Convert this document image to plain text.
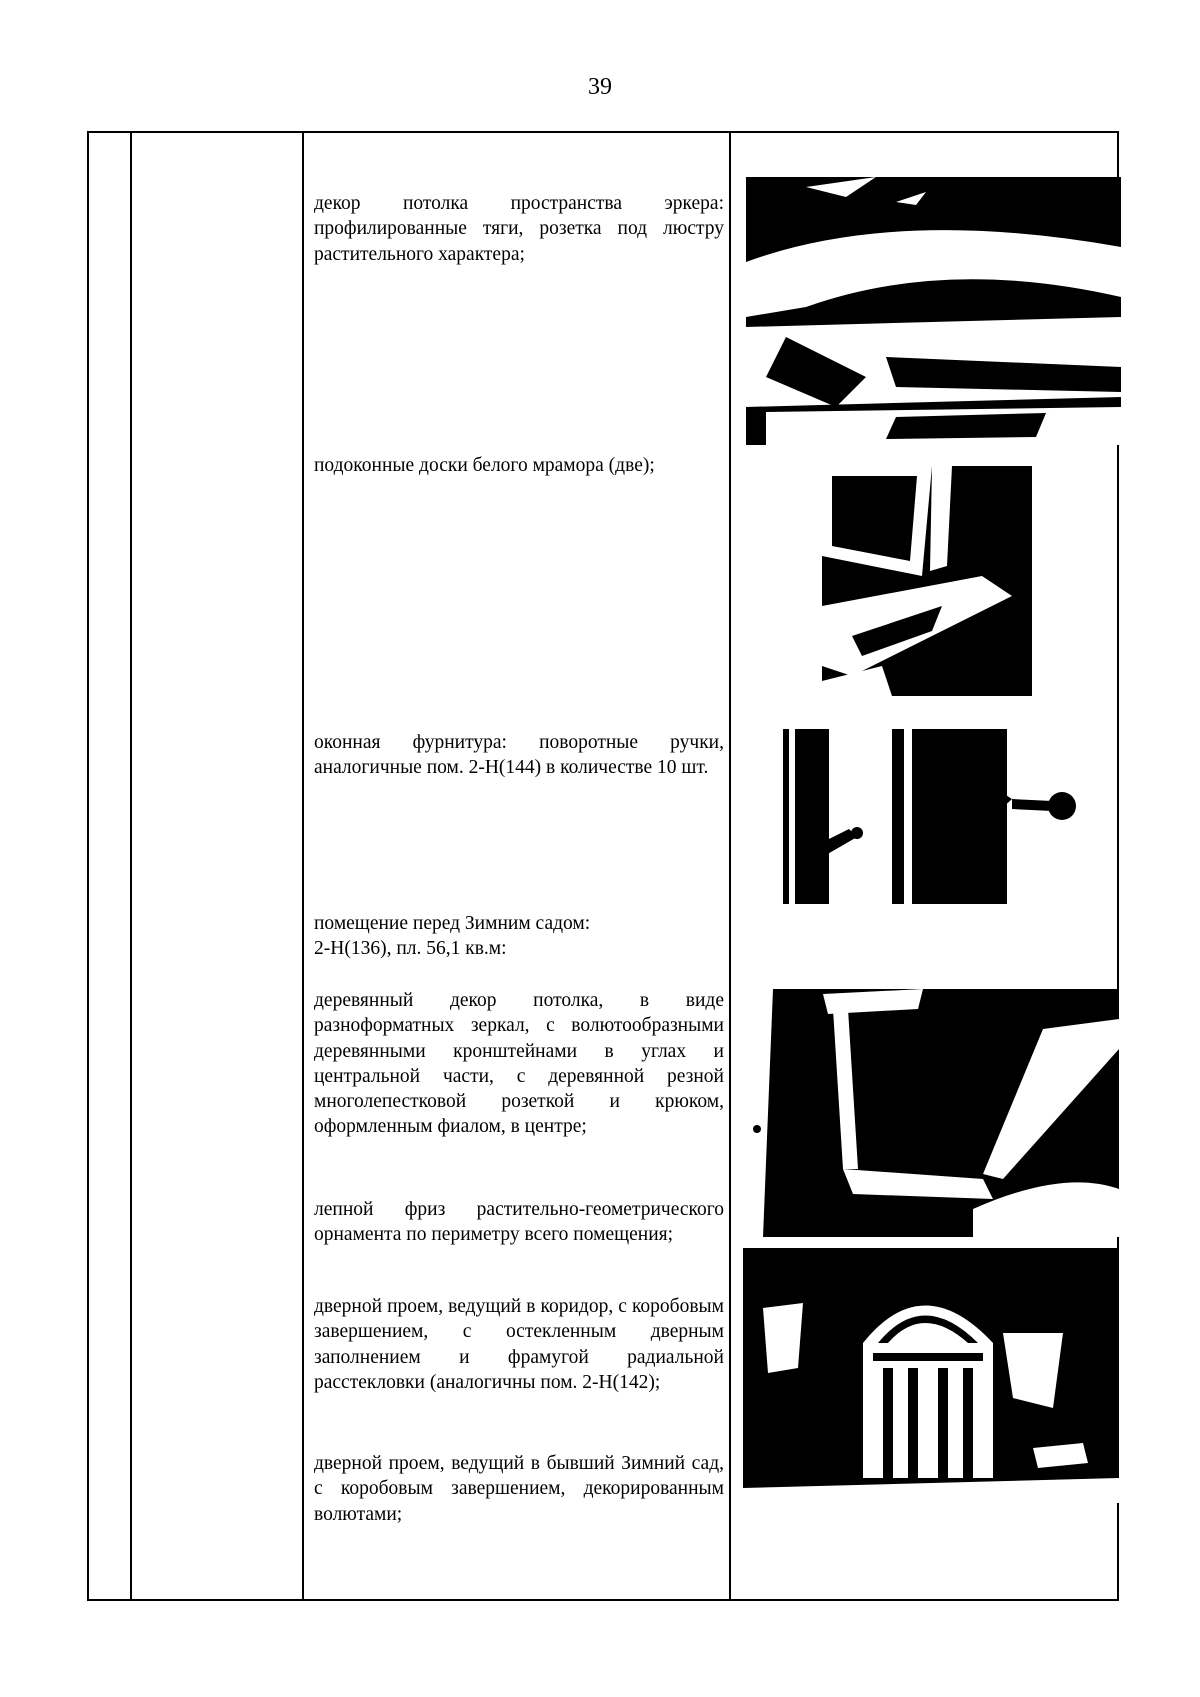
39

декор потолка пространства эркера: профилированные тяги, розетка под люстру растительного характера;

подоконные доски белого мрамора (две);

оконная фурнитура: поворотные ручки, аналогичные пом. 2-Н(144) в количестве 10 шт.

помещение перед Зимним садом:
2-Н(136), пл. 56,1 кв.м:

деревянный декор потолка, в виде разноформатных зеркал, с волютообразными деревянными кронштейнами в углах и центральной части, с деревянной резной многолепестковой розеткой и крюком, оформленным фиалом, в центре;

лепной фриз растительно-геометрического орнамента по периметру всего помещения;

дверной проем, ведущий в коридор, с коробовым завершением, с остекленным дверным заполнением и фрамугой радиальной расстекловки (аналогичны пом. 2-Н(142);

дверной проем, ведущий в бывший Зимний сад, с коробовым завершением, декорированным волютами;
